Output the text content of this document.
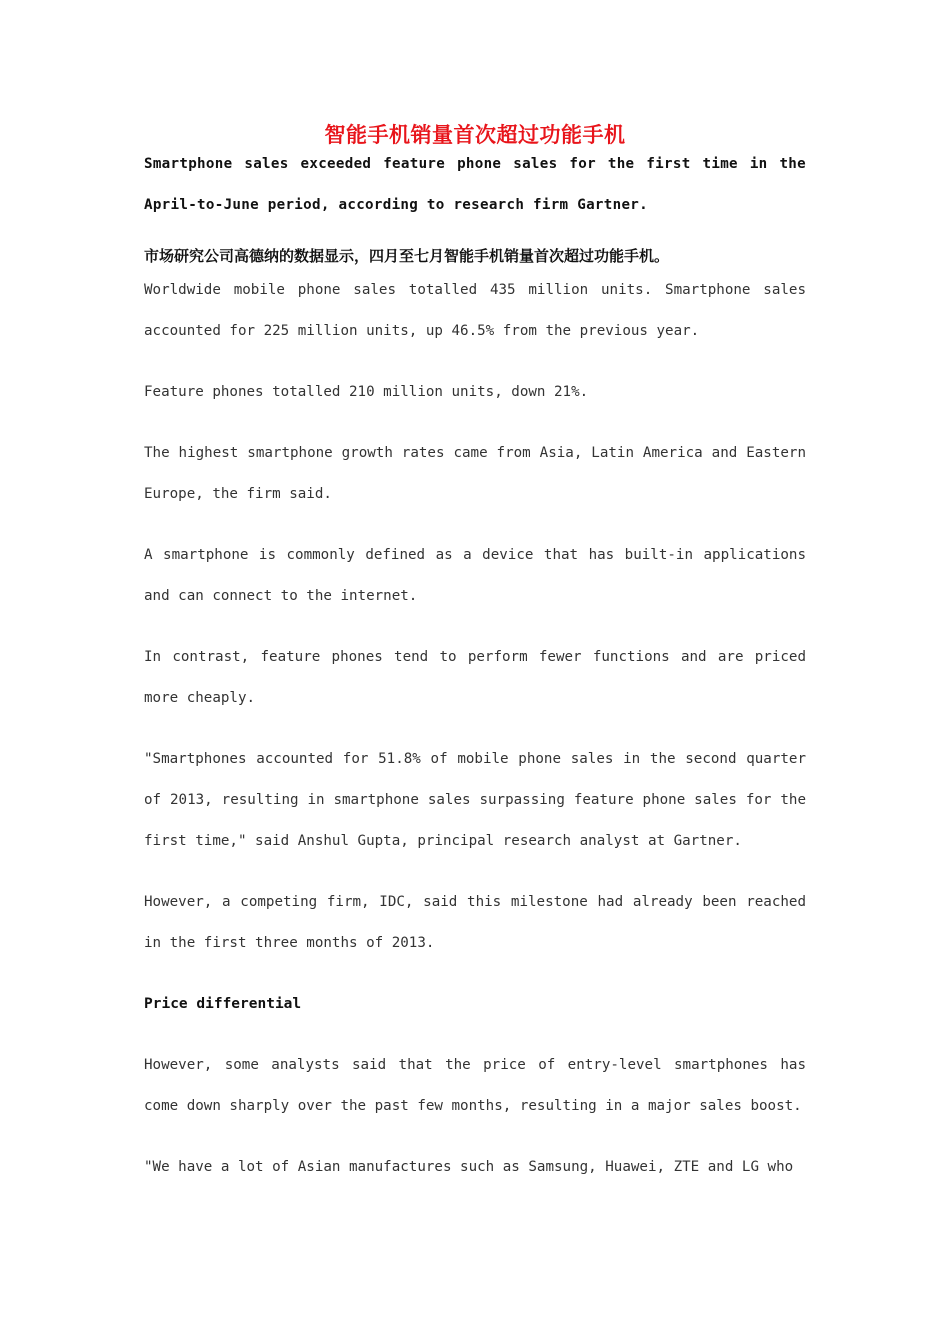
智能手机销量首次超过功能手机

Smartphone sales exceeded feature phone sales for the first time in the April-to-June period, according to research firm Gartner.

市场研究公司高德纳的数据显示，四月至七月智能手机销量首次超过功能手机。

Worldwide mobile phone sales totalled 435 million units. Smartphone sales accounted for 225 million units, up 46.5% from the previous year.

Feature phones totalled 210 million units, down 21%.

The highest smartphone growth rates came from Asia, Latin America and Eastern Europe, the firm said.

A smartphone is commonly defined as a device that has built-in applications and can connect to the internet.

In contrast, feature phones tend to perform fewer functions and are priced more cheaply.

"Smartphones accounted for 51.8% of mobile phone sales in the second quarter of 2013, resulting in smartphone sales surpassing feature phone sales for the first time," said Anshul Gupta, principal research analyst at Gartner.

However, a competing firm, IDC, said this milestone had already been reached in the first three months of 2013.

Price differential

However, some analysts said that the price of entry-level smartphones has come down sharply over the past few months, resulting in a major sales boost.

"We have a lot of Asian manufactures such as Samsung, Huawei, ZTE and LG who
